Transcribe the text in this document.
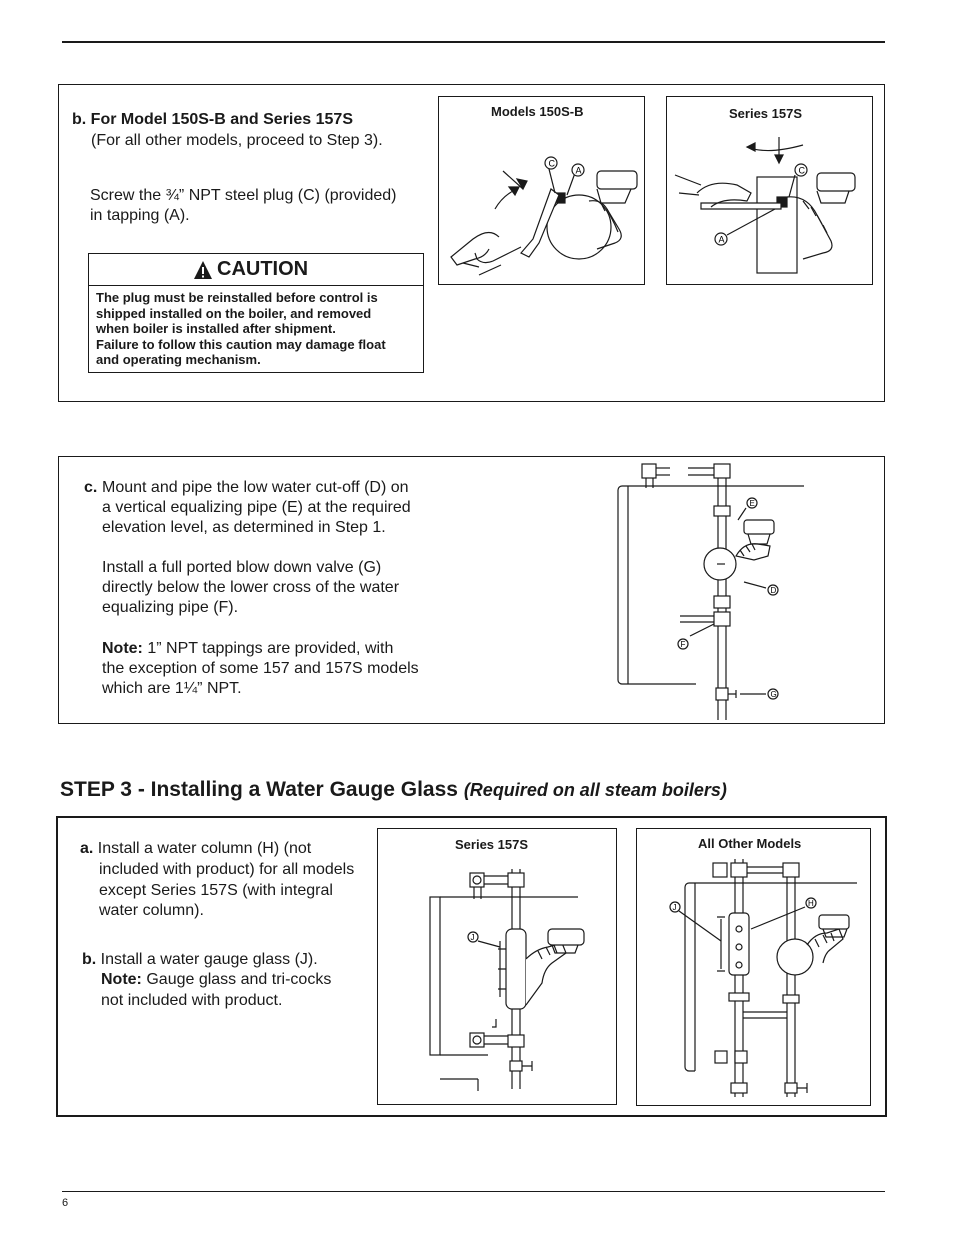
6
b. For Model 150S-B and Series 157S
(For all other models, proceed to Step 3).
Screw the ¾” NPT steel plug (C) (provided)
in tapping (A).
CAUTION
The plug must be reinstalled before control is
shipped installed on the boiler, and removed
when boiler is installed after shipment.
Failure to follow this caution may damage float
and operating mechanism.
Models 150S-B
C
A
Series 157S
C
A
c. Mount and pipe the low water cut-off (D) on
a vertical equalizing pipe (E) at the required
elevation level, as determined in Step 1.
Install a full ported blow down valve (G)
directly below the lower cross of the water
equalizing pipe (F).
Note: 1” NPT tappings are provided, with
the exception of some 157 and 157S models
which are 1¼” NPT.
E
D
F
G
STEP 3 - Installing a Water Gauge Glass (Required on all steam boilers)
a. Install a water column (H) (not
included with product) for all models
except Series 157S (with integral
water column).
b. Install a water gauge glass (J).
Note: Gauge glass and tri-cocks
not included with product.
Series 157S
J
All Other Models
J	H
